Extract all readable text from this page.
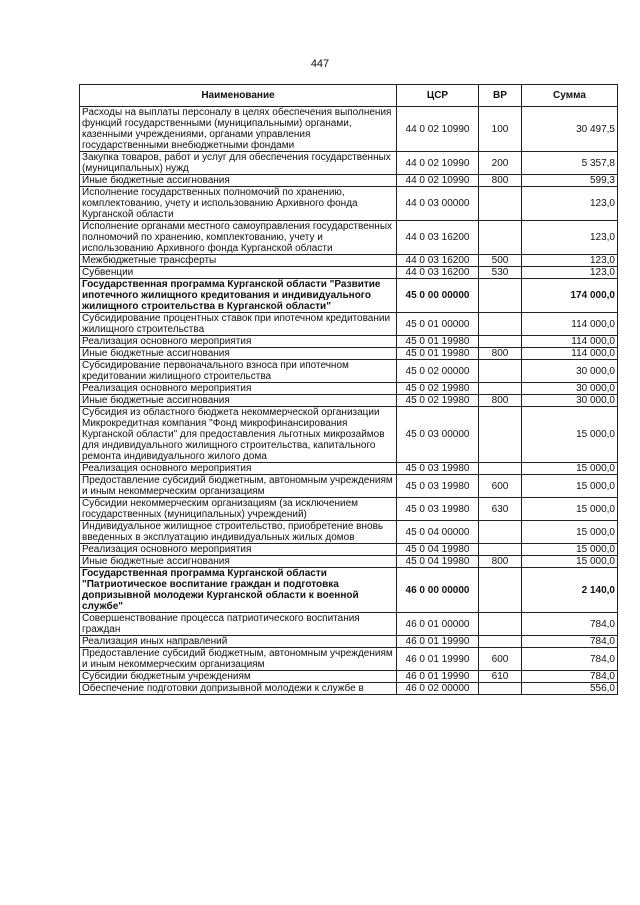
447
Наименование	ЦСР	ВР	Сумма
Расходы на выплаты персоналу в целях обеспечения выполнения функций государственными (муниципальными) органами, казенными учреждениями, органами управления государственными внебюджетными фондами	44 0 02 10990	100	30 497,5
Закупка товаров, работ и услуг для обеспечения государственных (муниципальных) нужд	44 0 02 10990	200	5 357,8
Иные бюджетные ассигнования	44 0 02 10990	800	599,3
Исполнение государственных полномочий по хранению, комплектованию, учету и использованию Архивного фонда Курганской области	44 0 03 00000		123,0
Исполнение органами местного самоуправления государственных полномочий по хранению, комплектованию, учету и использованию Архивного фонда Курганской области	44 0 03 16200		123,0
Межбюджетные трансферты	44 0 03 16200	500	123,0
Субвенции	44 0 03 16200	530	123,0
Государственная программа Курганской области "Развитие ипотечного жилищного кредитования и индивидуального жилищного строительства в Курганской области"	45 0 00 00000		174 000,0
Субсидирование процентных ставок при ипотечном кредитовании жилищного строительства	45 0 01 00000		114 000,0
Реализация основного мероприятия	45 0 01 19980		114 000,0
Иные бюджетные ассигнования	45 0 01 19980	800	114 000,0
Субсидирование первоначального взноса при ипотечном кредитовании жилищного строительства	45 0 02 00000		30 000,0
Реализация основного мероприятия	45 0 02 19980		30 000,0
Иные бюджетные ассигнования	45 0 02 19980	800	30 000,0
Субсидия из областного бюджета некоммерческой организации Микрокредитная компания "Фонд микрофинансирования Курганской области" для предоставления льготных микрозаймов для индивидуального жилищного строительства, капитального ремонта индивидуального жилого дома	45 0 03 00000		15 000,0
Реализация основного мероприятия	45 0 03 19980		15 000,0
Предоставление субсидий бюджетным, автономным учреждениям и иным некоммерческим организациям	45 0 03 19980	600	15 000,0
Субсидии некоммерческим организациям (за исключением государственных (муниципальных) учреждений)	45 0 03 19980	630	15 000,0
Индивидуальное жилищное строительство, приобретение вновь введенных в эксплуатацию индивидуальных жилых домов	45 0 04 00000		15 000,0
Реализация основного мероприятия	45 0 04 19980		15 000,0
Иные бюджетные ассигнования	45 0 04 19980	800	15 000,0
Государственная программа Курганской области "Патриотическое воспитание граждан и подготовка допризывной молодежи Курганской области к военной службе"	46 0 00 00000		2 140,0
Совершенствование процесса патриотического воспитания граждан	46 0 01 00000		784,0
Реализация иных направлений	46 0 01 19990		784,0
Предоставление субсидий бюджетным, автономным учреждениям и иным некоммерческим организациям	46 0 01 19990	600	784,0
Субсидии бюджетным учреждениям	46 0 01 19990	610	784,0
Обеспечение подготовки допризывной молодежи к службе в	46 0 02 00000		556,0
